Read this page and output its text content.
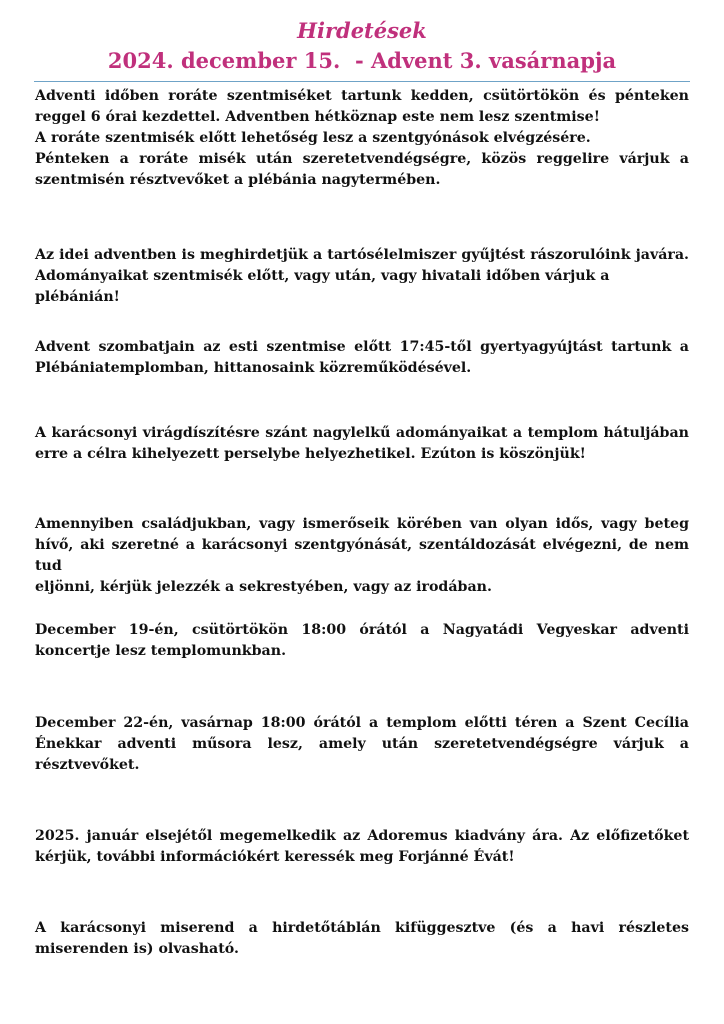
Hirdetések
2024. december 15.  - Advent 3. vasárnapja
Adventi időben roráte szentmiséket tartunk kedden, csütörtökön és pénteken
reggel 6 órai kezdettel. Adventben hétköznap este nem lesz szentmise!
A roráte szentmisék előtt lehetőség lesz a szentgyónások elvégzésére.
Pénteken a roráte misék után szeretetvendégségre, közös reggelire várjuk a
szentmisén résztvevőket a plébánia nagytermében.
Az idei adventben is meghirdetjük a tartósélelmiszer gyűjtést rászorulóink javára.
Adományaikat szentmisék előtt, vagy után, vagy hivatali időben várjuk a plébánián!
Advent szombatjain az esti szentmise előtt 17:45-től gyertyagyújtást tartunk a
Plébániatemplomban, hittanosaink közreműködésével.
A karácsonyi virágdíszítésre szánt nagylelkű adományaikat a templom hátuljában
erre a célra kihelyezett perselybe helyezhetikel. Ezúton is köszönjük!
Amennyiben családjukban, vagy ismerőseik körében van olyan idős, vagy beteg
hívő, aki szeretné a karácsonyi szentgyónását, szentáldozását elvégezni, de nem tud
eljönni, kérjük jelezzék a sekrestyében, vagy az irodában.
December 19-én, csütörtökön 18:00 órától a Nagyatádi Vegyeskar adventi
koncertje lesz templomunkban.
December 22-én, vasárnap 18:00 órától a templom előtti téren a Szent Cecília
Énekkar adventi műsora lesz, amely után szeretetvendégségre várjuk a
résztvevőket.
2025. január elsejétől megemelkedik az Adoremus kiadvány ára. Az előfizetőket
kérjük, további információkért keressék meg Forjánné Évát!
A karácsonyi miserend a hirdetőtáblán kifüggesztve (és a havi részletes
miserenden is) olvasható.
